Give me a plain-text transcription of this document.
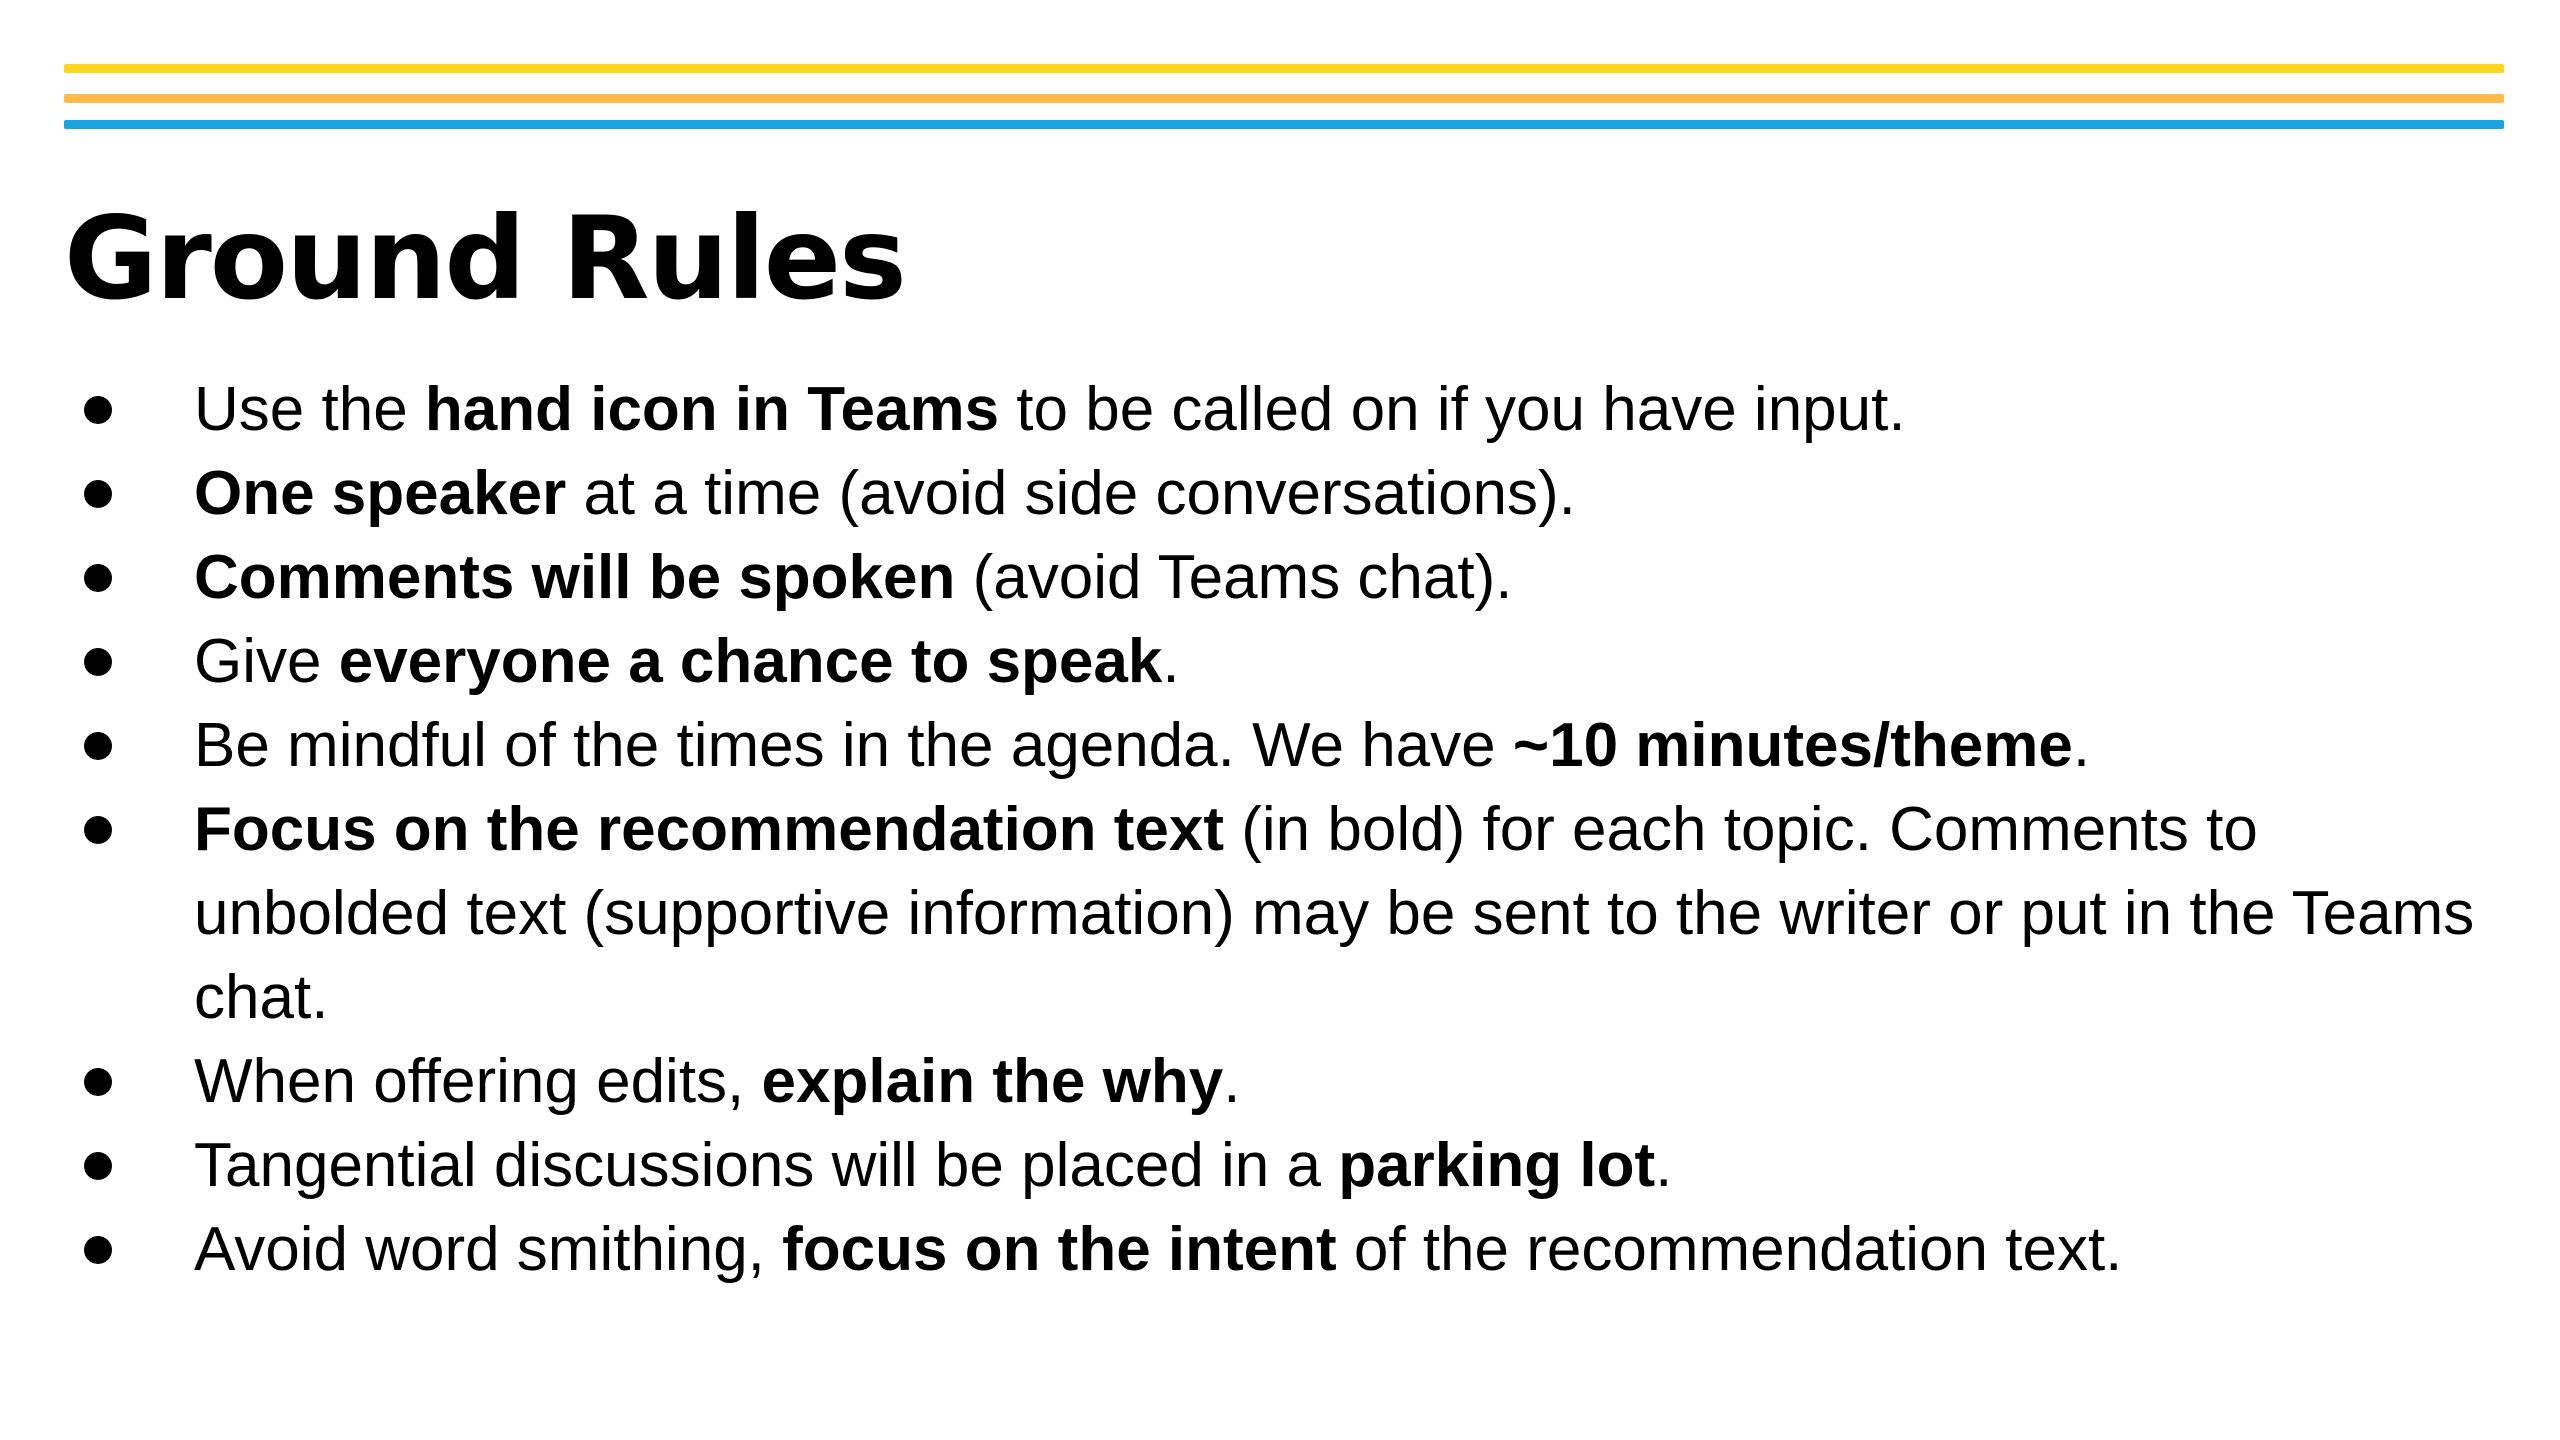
Ground Rules
Use the hand icon in Teams to be called on if you have input.
One speaker at a time (avoid side conversations).
Comments will be spoken (avoid Teams chat).
Give everyone a chance to speak.
Be mindful of the times in the agenda. We have ~10 minutes/theme.
Focus on the recommendation text (in bold) for each topic. Comments to unbolded text (supportive information) may be sent to the writer or put in the Teams chat.
When offering edits, explain the why.
Tangential discussions will be placed in a parking lot.
Avoid word smithing, focus on the intent of the recommendation text.
